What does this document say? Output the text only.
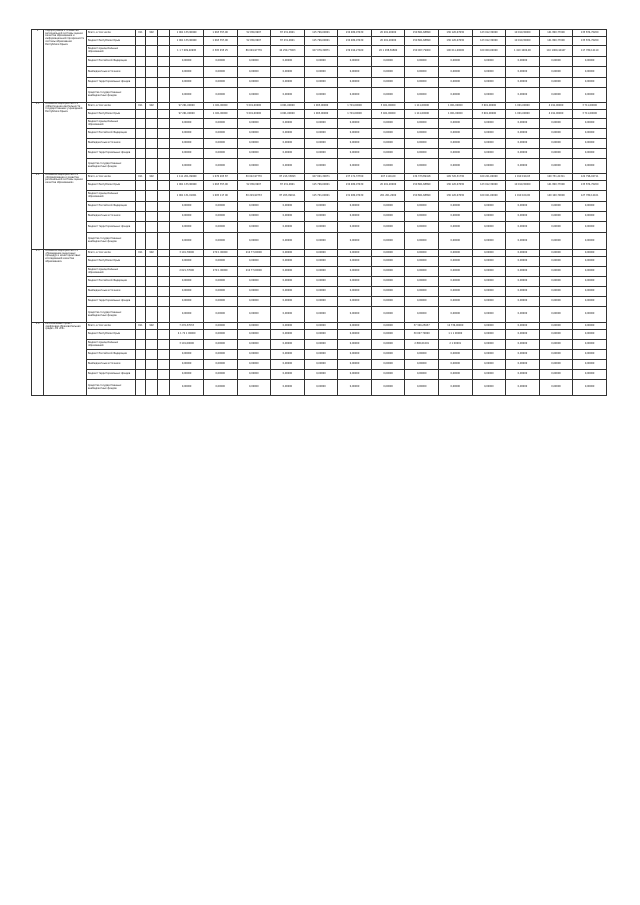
2	Подпрограмма 2 «Развитие региональной системы оценки качества образования и информационной прозрачности системы образования Республики Крым»	Всего, в том числе:	911	902		1 061 133,90960	1 063 357,00	52 059,9997	87 231,9901	115 796,00001	134 480,97430	20 201,20000	150 861,68890	136 120,07630	123 012,30000	10 019,30000	141 800,77000	133 874,70200
		Бюджет Республики Крым				1 061 133,90960	1 063 357,00	52 059,9997	87 231,9901	115 796,00001	134 480,97430	20 201,20000	150 861,68890	136 120,07630	123 012,30000	10 019,30000	141 800,77000	133 874,70200
		Бюджет муниципальных образований				1 1 7 009,40995	2 305 455 25	86 049,97776	44 250,77003	107 076,30871	139 010,27020	20 1 038,81800	159 007,79000	100 011,00000	100 000,00000	1 410 1000,00	110 1900,44447	117 780,12110
		Бюджет Российской Федерации				0,00000	0,00000	0,00000	0,00000	0,00000	0,00000	0,00000	0,00000	0,00000	0,00000	0,00000	0,00000	0,00000
		Внебюджетные источники				0,00000	0,00000	0,00000	0,00000	0,00000	0,00000	0,00000	0,00000	0,00000	0,00000	0,00000	0,00000	0,00000
		Бюджет территориальных фондов				0,00000	0,00000	0,00000	0,00000	0,00000	0,00000	0,00000	0,00000	0,00000	0,00000	0,00000	0,00000	0,00000
		Средства государственных внебюджетных фондов				0,00000	0,00000	0,00000	0,00000	0,00000	0,00000	0,00000	0,00000	0,00000	0,00000	0,00000	0,00000	0,00000
2.1	Основное мероприятие 2.1 «Обеспечение деятельности государственных учреждений Республики Крым»	Всего, в том числе:	911	902		97 261,00000	1 021,00000	5 001,00000	4 001,00000	1 003,00000	1 701,00000	3 401,00000	1 111,00000	1 001,00000	3 601,00000	1 001,00000	4 191,00000	3 711,00000
		Бюджет Республики Крым				97 261,00000	1 021,00000	5 001,00000	4 001,00000	1 003,00000	1 701,00000	3 401,00000	1 111,00000	1 001,00000	3 601,00000	1 001,00000	4 191,00000	3 711,00000
		Бюджет муниципальных образований				0,00000	0,00000	0,00000	0,00000	0,00000	0,00000	0,00000	0,00000	0,00000	0,00000	0,00000	0,00000	0,00000
		Бюджет Российской Федерации				0,00000	0,00000	0,00000	0,00000	0,00000	0,00000	0,00000	0,00000	0,00000	0,00000	0,00000	0,00000	0,00000
		Внебюджетные источники				0,00000	0,00000	0,00000	0,00000	0,00000	0,00000	0,00000	0,00000	0,00000	0,00000	0,00000	0,00000	0,00000
		Бюджет территориальных фондов				0,00000	0,00000	0,00000	0,00000	0,00000	0,00000	0,00000	0,00000	0,00000	0,00000	0,00000	0,00000	0,00000
		Средства государственных внебюджетных фондов				0,00000	0,00000	0,00000	0,00000	0,00000	0,00000	0,00000	0,00000	0,00000	0,00000	0,00000	0,00000	0,00000
2.2	Основное мероприятие 2.2 «Формирование и развитие региональной системы оценки качества образования»	Всего, в том числе:	911	902		1 111 201,09960	1 076 203 87	50 022,97770	87 213,33093	107 001,30071	137 171,37700	207 1116,00	134 373,89418	199 720,31730	100 221,00000	1 010 190,93	100 731,21311	122 796,02711
		Бюджет Республики Крым				1 061 133,90960	1 063 357,00	52 059,9997	87 231,9901	115 796,00001	134 480,97430	20 201,20000	150 861,68890	136 120,07630	123 012,30000	10 019,30000	141 800,77000	133 874,70200
		Бюджет муниципальных образований				1 061 131,01001	1 005 117 00	50 229,99733	87 203,99011	115 701,00001	131 480,97430	201 201,2000	150 861,68890	136 120,07630	100 021,00000	1 010 100,00	140 100,70000	127 780,12101
		Бюджет Российской Федерации				0,00000	0,00000	0,00000	0,00000	0,00000	0,00000	0,00000	0,00000	0,00000	0,00000	0,00000	0,00000	0,00000
		Внебюджетные источники				0,00000	0,00000	0,00000	0,00000	0,00000	0,00000	0,00000	0,00000	0,00000	0,00000	0,00000	0,00000	0,00000
		Бюджет территориальных фондов				0,00000	0,00000	0,00000	0,00000	0,00000	0,00000	0,00000	0,00000	0,00000	0,00000	0,00000	0,00000	0,00000
		Средства государственных внебюджетных фондов				0,00000	0,00000	0,00000	0,00000	0,00000	0,00000	0,00000	0,00000	0,00000	0,00000	0,00000	0,00000	0,00000
2.3	Основное мероприятие 2.3 «Проведение оценочных процедур и мониторинговых исследований качества образования»	Всего, в том числе:	911	902		3 101,70000	270 1 00000	210 77,00000	0,00000	0,00000	0,00000	0,00000	0,00000	0,00000	0,00000	0,00000	0,00000	0,00000
		Бюджет Республики Крым				0,00000	0,00000	0,00000	0,00000	0,00000	0,00000	0,00000	0,00000	0,00000	0,00000	0,00000	0,00000	0,00000
		Бюджет муниципальных образований				2 021,77000	270 1 00000	210 77,00000	0,00000	0,00000	0,00000	0,00000	0,00000	0,00000	0,00000	0,00000	0,00000	0,00000
		Бюджет Российской Федерации				0,00000	0,00000	0,00000	0,00000	0,00000	0,00000	0,00000	0,00000	0,00000	0,00000	0,00000	0,00000	0,00000
		Внебюджетные источники				0,00000	0,00000	0,00000	0,00000	0,00000	0,00000	0,00000	0,00000	0,00000	0,00000	0,00000	0,00000	0,00000
		Бюджет территориальных фондов				0,00000	0,00000	0,00000	0,00000	0,00000	0,00000	0,00000	0,00000	0,00000	0,00000	0,00000	0,00000	0,00000
		Средства государственных внебюджетных фондов				0,00000	0,00000	0,00000	0,00000	0,00000	0,00000	0,00000	0,00000	0,00000	0,00000	0,00000	0,00000	0,00000
2.4	Региональный проект «Цифровая образовательная среда», Е4 «E4»	Всего, в том числе:	911	902		7 276,37033	0,00000	0,00000	0,00000	0,00000	0,00000	0,00000	37 346,25637	12 736,00000	0,00000	0,00000	0,00000	0,00000
		Бюджет Республики Крым				4 1 72 1 00000	0,00000	0,00000	0,00000	0,00000	0,00000	0,00000	30 007 79000	1 1 1 00000	0,00000	0,00000	0,00000	0,00000
		Бюджет муниципальных образований				3 101,00000	0,00000	0,00000	0,00000	0,00000	0,00000	0,00000	2 800,01001	2 1 00001	0,00000	0,00000	0,00000	0,00000
		Бюджет Российской Федерации				0,00000	0,00000	0,00000	0,00000	0,00000	0,00000	0,00000	0,00000	0,00000	0,00000	0,00000	0,00000	0,00000
		Внебюджетные источники				0,00000	0,00000	0,00000	0,00000	0,00000	0,00000	0,00000	0,00000	0,00000	0,00000	0,00000	0,00000	0,00000
		Бюджет территориальных фондов				0,00000	0,00000	0,00000	0,00000	0,00000	0,00000	0,00000	0,00000	0,00000	0,00000	0,00000	0,00000	0,00000
		Средства государственных внебюджетных фондов				0,00000	0,00000	0,00000	0,00000	0,00000	0,00000	0,00000	0,00000	0,00000	0,00000	0,00000	0,00000	0,00000
